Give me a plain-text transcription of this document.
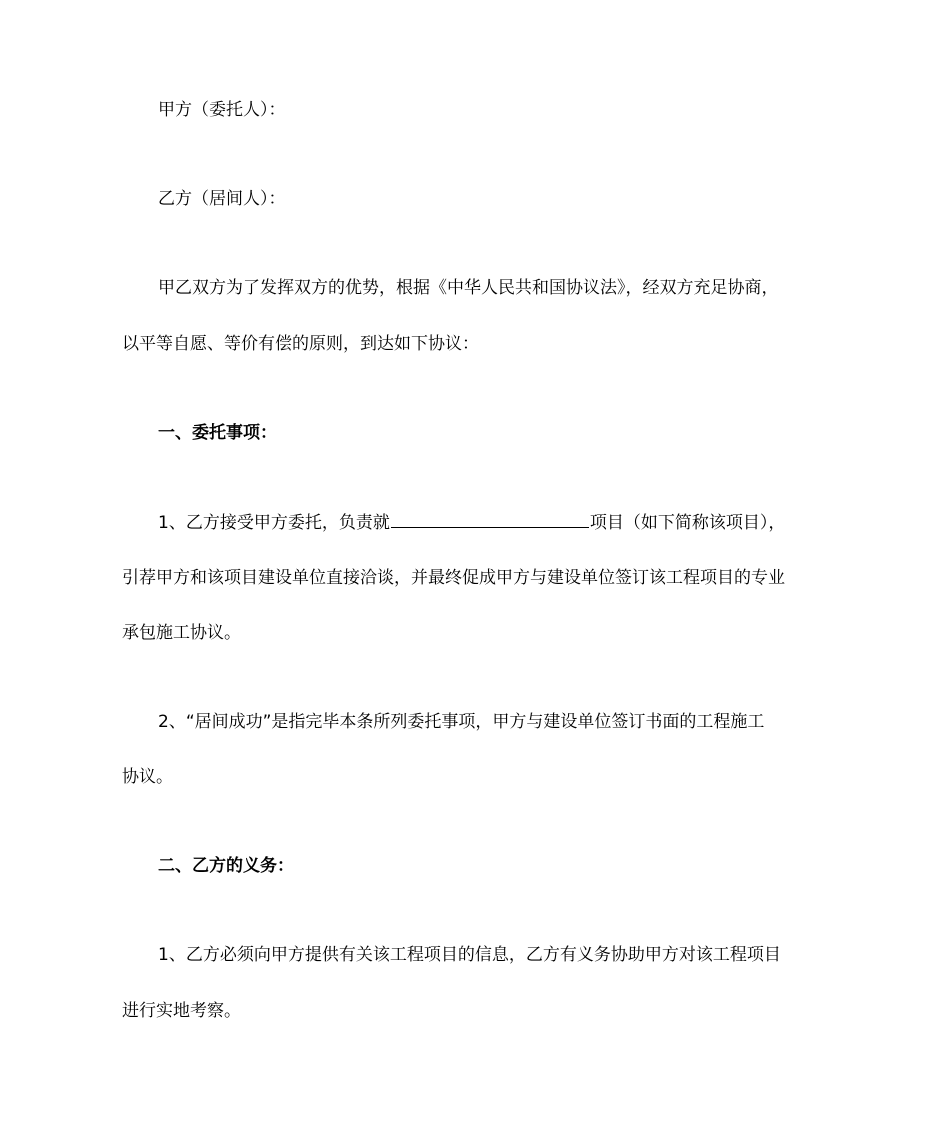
甲方（委托人）：
乙方（居间人）：
甲乙双方为了发挥双方的优势，根据《中华人民共和国协议法》，经双方充足协商，
以平等自愿、等价有偿的原则，到达如下协议：
一、委托事项：
1、乙方接受甲方委托，负责就	项目（如下简称该项目），
引荐甲方和该项目建设单位直接洽谈，并最终促成甲方与建设单位签订该工程项目的专业
承包施工协议。
2、“居间成功”是指完毕本条所列委托事项，甲方与建设单位签订书面的工程施工
协议。
二、乙方的义务：
1、乙方必须向甲方提供有关该工程项目的信息，乙方有义务协助甲方对该工程项目
进行实地考察。
